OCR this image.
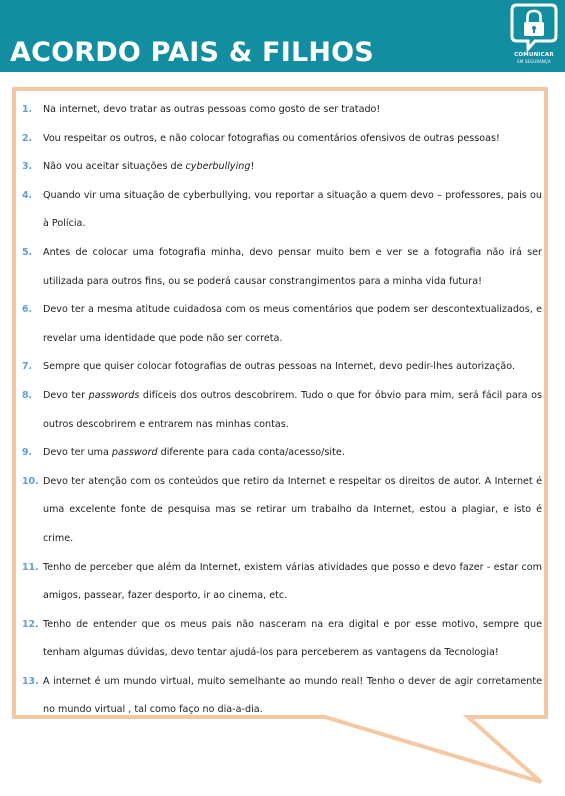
ACORDO PAIS & FILHOS	COMUNICAR
EM SEGURANÇA
1.	Na internet, devo tratar as outras pessoas como gosto de ser tratado!
2.	Vou respeitar os outros, e não colocar fotografias ou comentários ofensivos de outras pessoas!
3.	Não vou aceitar situações de cyberbullying!
4.	Quando vir uma situação de cyberbullying, vou reportar a situação a quem devo – professores, pais ou à Polícia.
5.	Antes de colocar uma fotografia minha, devo pensar muito bem e ver se a fotografia não irá ser utilizada para outros fins, ou se poderá causar constrangimentos para a minha vida futura!
6.	Devo ter a mesma atitude cuidadosa com os meus comentários que podem ser descontextualizados, e revelar uma identidade que pode não ser correta.
7.	Sempre que quiser colocar fotografias de outras pessoas na Internet, devo pedir-lhes autorização.
8.	Devo ter passwords difíceis dos outros descobrirem. Tudo o que for óbvio para mim, será fácil para os outros descobrirem e entrarem nas minhas contas.
9.	Devo ter uma password diferente para cada conta/acesso/site.
10. Devo ter atenção com os conteúdos que retiro da Internet e respeitar os direitos de autor. A Internet é uma excelente fonte de pesquisa mas se retirar um trabalho da Internet, estou a plagiar, e isto é crime.
11. Tenho de perceber que além da Internet, existem várias atividades que posso e devo fazer - estar com amigos, passear, fazer desporto, ir ao cinema, etc.
12. Tenho de entender que os meus pais não nasceram na era digital e por esse motivo, sempre que tenham algumas dúvidas, devo tentar ajudá-los para perceberem as vantagens da Tecnologia!
13. A internet é um mundo virtual, muito semelhante ao mundo real! Tenho o dever de agir corretamente no mundo virtual , tal como faço no dia-a-dia.
